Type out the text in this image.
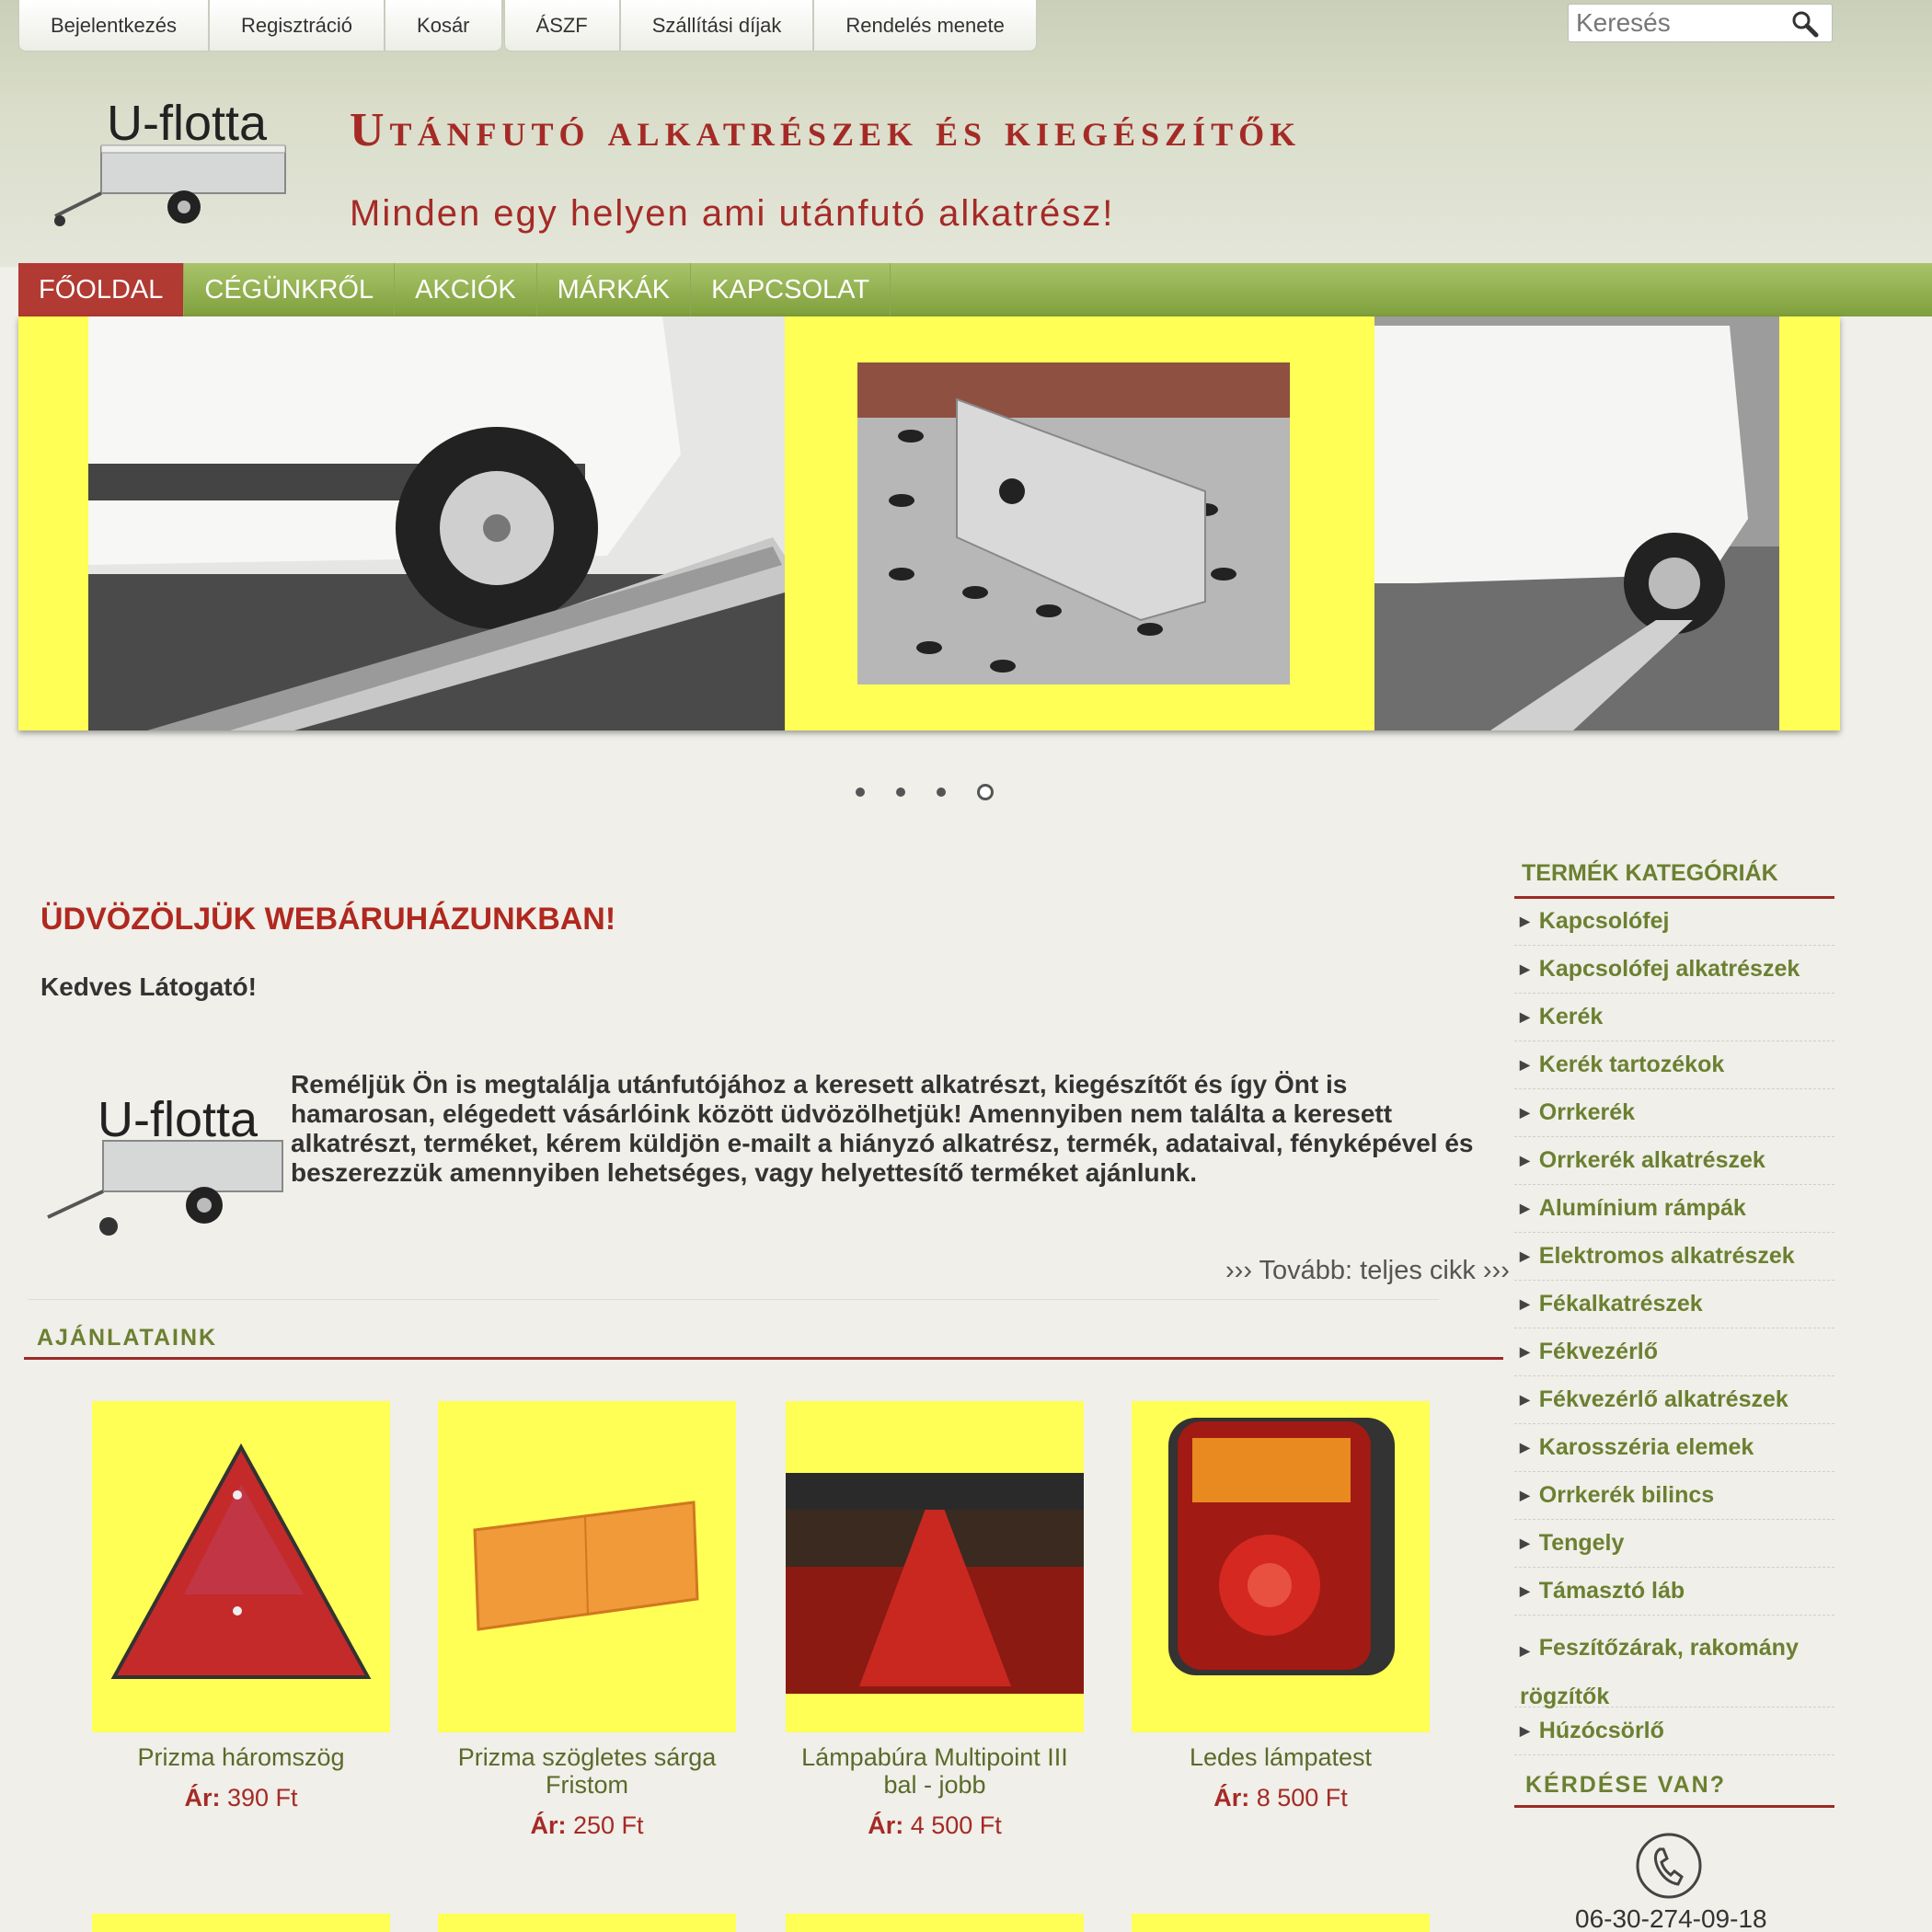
Bejelentkezés	Regisztráció	Kosár	ÁSZF	Szállítási díjak	Rendelés menete
Keresés
U-flotta Utánfutó alkatrészek és kiegészítők
Minden egy helyen ami utánfutó alkatrész!
FŐOLDAL	CÉGÜNKRŐL	AKCIÓK	MÁRKÁK	KAPCSOLAT
ÜDVÖZÖLJÜK WEBÁRUHÁZUNKBAN!
Kedves Látogató!
U-flotta
Reméljük Ön is megtalálja utánfutójához a keresett alkatrészt, kiegészítőt és így Önt is hamarosan, elégedett vásárlóink között üdvözölhetjük! Amennyiben nem találta a keresett alkatrészt, terméket, kérem küldjön e-mailt a hiányzó alkatrész, termék, adataival, fényképével és beszerezzük amennyiben lehetséges, vagy helyettesítő terméket ajánlunk.
››› Tovább: teljes cikk ›››
AJÁNLATAINK
Prizma háromszög
Ár: 390 Ft
Prizma szögletes sárga Fristom
Ár: 250 Ft
Lámpabúra Multipoint III bal - jobb
Ár: 4 500 Ft
Ledes lámpatest
Ár: 8 500 Ft
TERMÉK KATEGÓRIÁK
▶ Kapcsolófej
▶ Kapcsolófej alkatrészek
▶ Kerék
▶ Kerék tartozékok
▶ Orrkerék
▶ Orrkerék alkatrészek
▶ Alumínium rámpák
▶ Elektromos alkatrészek
▶ Fékalkatrészek
▶ Fékvezérlő
▶ Fékvezérlő alkatrészek
▶ Karosszéria elemek
▶ Orrkerék bilincs
▶ Tengely
▶ Támasztó láb
▶ Feszítőzárak, rakomány rögzítők
▶ Húzócsörlő
KÉRDÉSE VAN?
06-30-274-09-18
